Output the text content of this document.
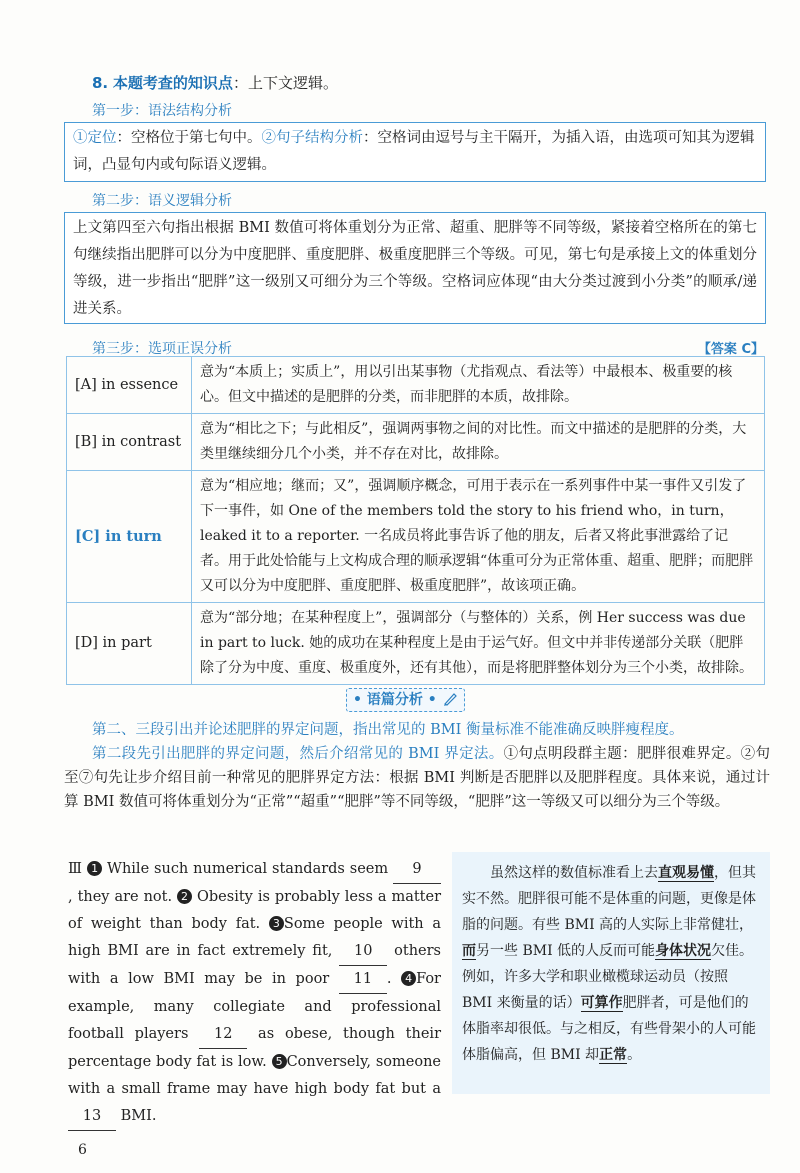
8. 本题考查的知识点：上下文逻辑。
第一步：语法结构分析
①定位：空格位于第七句中。②句子结构分析：空格词由逗号与主干隔开，为插入语，由选项可知其为逻辑词，凸显句内或句际语义逻辑。
第二步：语义逻辑分析
上文第四至六句指出根据 BMI 数值可将体重划分为正常、超重、肥胖等不同等级，紧接着空格所在的第七句继续指出肥胖可以分为中度肥胖、重度肥胖、极重度肥胖三个等级。可见，第七句是承接上文的体重划分等级，进一步指出“肥胖”这一级别又可细分为三个等级。空格词应体现“由大分类过渡到小分类”的顺承/递进关系。
第三步：选项正误分析	【答案 C】
[A] in essence	意为“本质上；实质上”，用以引出某事物（尤指观点、看法等）中最根本、极重要的核心。但文中描述的是肥胖的分类，而非肥胖的本质，故排除。
[B] in contrast	意为“相比之下；与此相反”，强调两事物之间的对比性。而文中描述的是肥胖的分类，大类里继续细分几个小类，并不存在对比，故排除。
[C] in turn	意为“相应地；继而；又”，强调顺序概念，可用于表示在一系列事件中某一事件又引发了下一事件，如 One of the members told the story to his friend who，in turn，leaked it to a reporter. 一名成员将此事告诉了他的朋友，后者又将此事泄露给了记者。用于此处恰能与上文构成合理的顺承逻辑“体重可分为正常体重、超重、肥胖；而肥胖又可以分为中度肥胖、重度肥胖、极重度肥胖”，故该项正确。
[D] in part	意为“部分地；在某种程度上”，强调部分（与整体的）关系，例 Her success was due in part to luck. 她的成功在某种程度上是由于运气好。但文中并非传递部分关联（肥胖除了分为中度、重度、极重度外，还有其他），而是将肥胖整体划分为三个小类，故排除。
• 语篇分析 •
第二、三段引出并论述肥胖的界定问题，指出常见的 BMI 衡量标准不能准确反映胖瘦程度。
第二段先引出肥胖的界定问题，然后介绍常见的 BMI 界定法。①句点明段群主题：肥胖很难界定。②句至⑦句先让步介绍目前一种常见的肥胖界定方法：根据 BMI 判断是否肥胖以及肥胖程度。具体来说，通过计算 BMI 数值可将体重划分为“正常”“超重”“肥胖”等不同等级，“肥胖”这一等级又可以细分为三个等级。
Ⅲ 1 While such numerical standards seem 9, they are not. 2 Obesity is probably less a matter of weight than body fat. 3 Some people with a high BMI are in fact extremely fit, 10 others with a low BMI may be in poor 11 . 4 For example, many collegiate and professional football players 12 as obese, though their percentage body fat is low. 5 Conversely, someone with a small frame may have high body fat but a 13 BMI.
虽然这样的数值标准看上去直观易懂，但其实不然。肥胖很可能不是体重的问题，更像是体脂的问题。有些 BMI 高的人实际上非常健壮，而另一些 BMI 低的人反而可能身体状况欠佳。例如，许多大学和职业橄榄球运动员（按照 BMI 来衡量的话）可算作肥胖者，可是他们的体脂率却很低。与之相反，有些骨架小的人可能体脂偏高，但 BMI 却正常。
6
